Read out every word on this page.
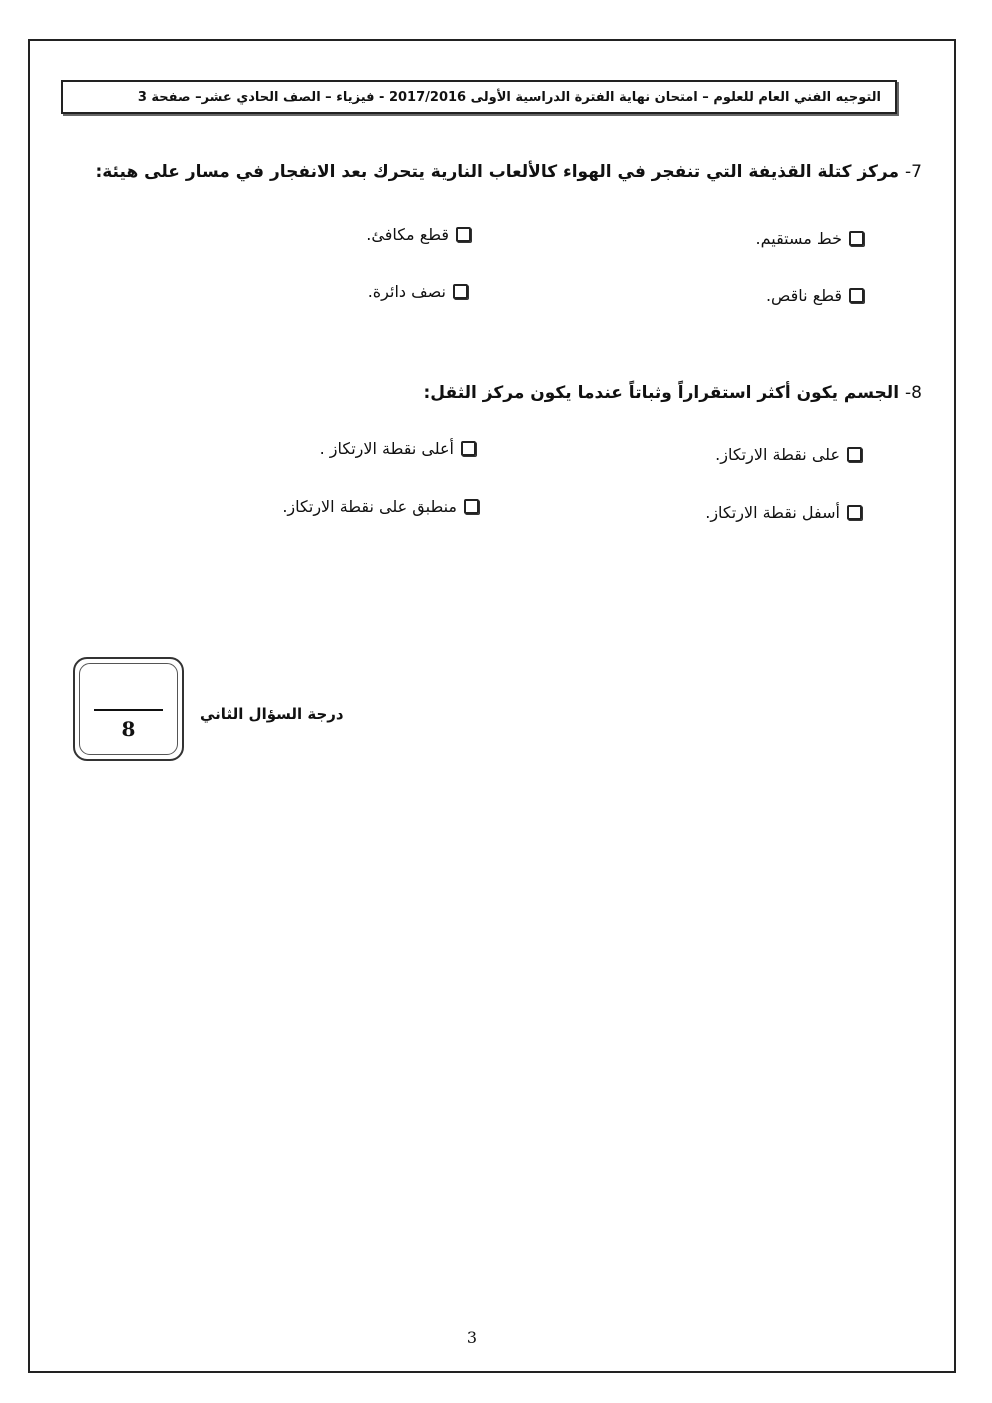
التوجيه الفني العام للعلوم – امتحان نهاية الفترة الدراسية الأولى 2017/2016 - فيزياء – الصف الحادي عشر– صفحة 3
7-مركز كتلة القذيفة التي تنفجر في الهواء كالألعاب النارية يتحرك بعد الانفجار في مسار على هيئة:
خط مستقيم.
قطع مكافئ.
قطع ناقص.
نصف دائرة.
8-الجسم يكون أكثر استقراراً وثباتاً عندما يكون مركز الثقل:
على نقطة الارتكاز.
أعلى نقطة الارتكاز .
أسفل نقطة الارتكاز.
منطبق على نقطة الارتكاز.
8
درجة السؤال الثاني
3
